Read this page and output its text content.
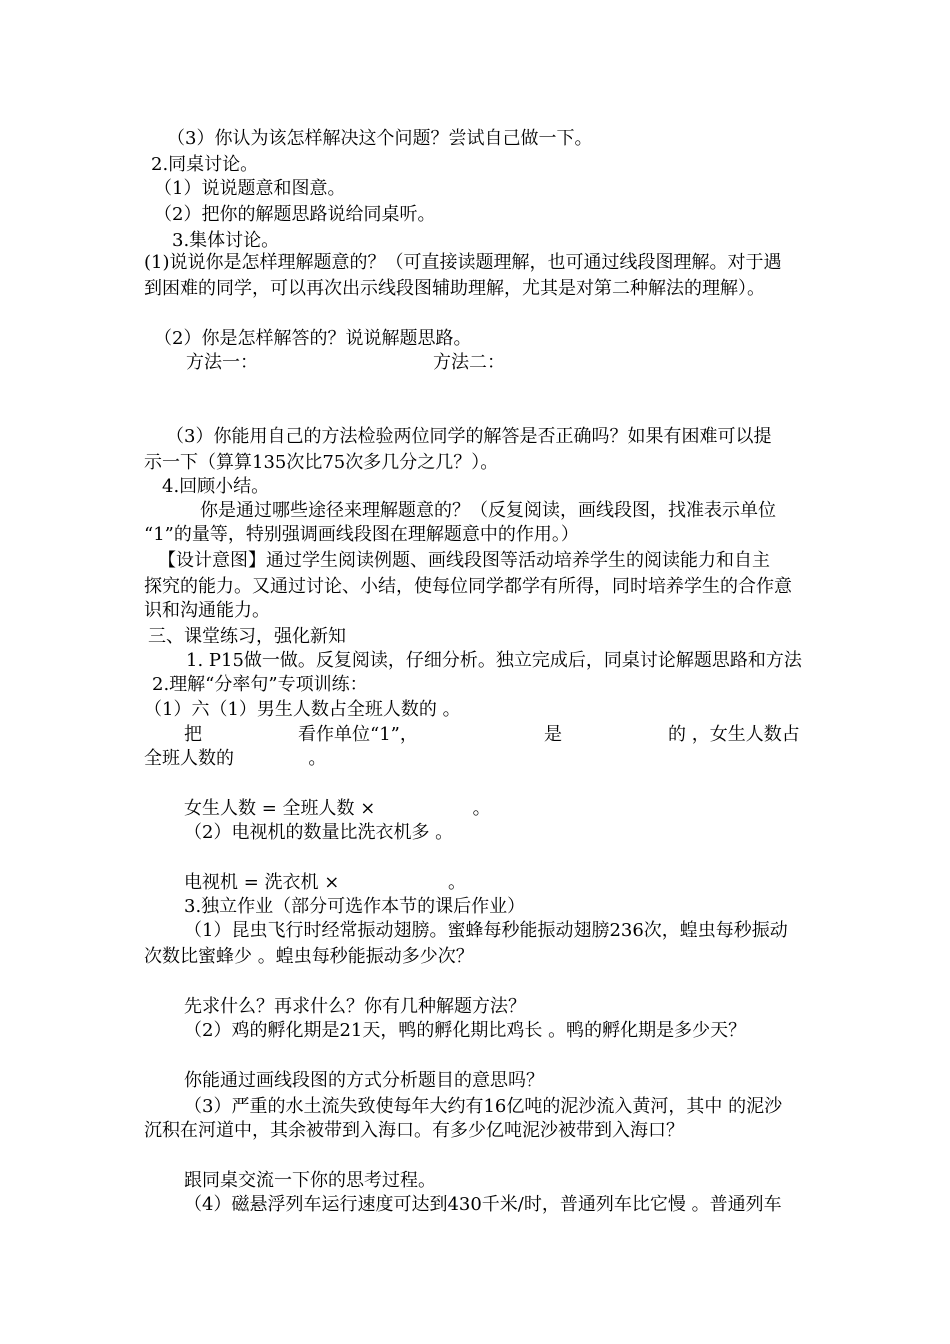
（3）你认为该怎样解决这个问题？尝试自己做一下。
2.同桌讨论。
（1）说说题意和图意。
（2）把你的解题思路说给同桌听。
3.集体讨论。
(1)说说你是怎样理解题意的？（可直接读题理解，也可通过线段图理解。对于遇
到困难的同学，可以再次出示线段图辅助理解，尤其是对第二种解法的理解）。
（2）你是怎样解答的？说说解题思路。
方法一：	方法二：
（3）你能用自己的方法检验两位同学的解答是否正确吗？如果有困难可以提
示一下（算算135次比75次多几分之几？）。
4.回顾小结。
你是通过哪些途径来理解题意的？（反复阅读，画线段图，找准表示单位
“1”的量等，特别强调画线段图在理解题意中的作用。）
【设计意图】通过学生阅读例题、画线段图等活动培养学生的阅读能力和自主
探究的能力。又通过讨论、小结，使每位同学都学有所得，同时培养学生的合作意
识和沟通能力。
三、课堂练习，强化新知
1. P15做一做。反复阅读，仔细分析。独立完成后，同桌讨论解题思路和方法
2.理解“分率句”专项训练：
（1）六（1）男生人数占全班人数的 。
把	看作单位“1”，	是	的 ，女生人数占
全班人数的             。
女生人数 = 全班人数 ×                 。
（2）电视机的数量比洗衣机多 。
电视机 = 洗衣机 ×                   。
3.独立作业（部分可选作本节的课后作业）
（1）昆虫飞行时经常振动翅膀。蜜蜂每秒能振动翅膀236次，蝗虫每秒振动
次数比蜜蜂少 。蝗虫每秒能振动多少次？
先求什么？再求什么？你有几种解题方法？
（2）鸡的孵化期是21天，鸭的孵化期比鸡长 。鸭的孵化期是多少天？
你能通过画线段图的方式分析题目的意思吗？
（3）严重的水土流失致使每年大约有16亿吨的泥沙流入黄河，其中 的泥沙
沉积在河道中，其余被带到入海口。有多少亿吨泥沙被带到入海口？
跟同桌交流一下你的思考过程。
（4）磁悬浮列车运行速度可达到430千米/时，普通列车比它慢 。普通列车
